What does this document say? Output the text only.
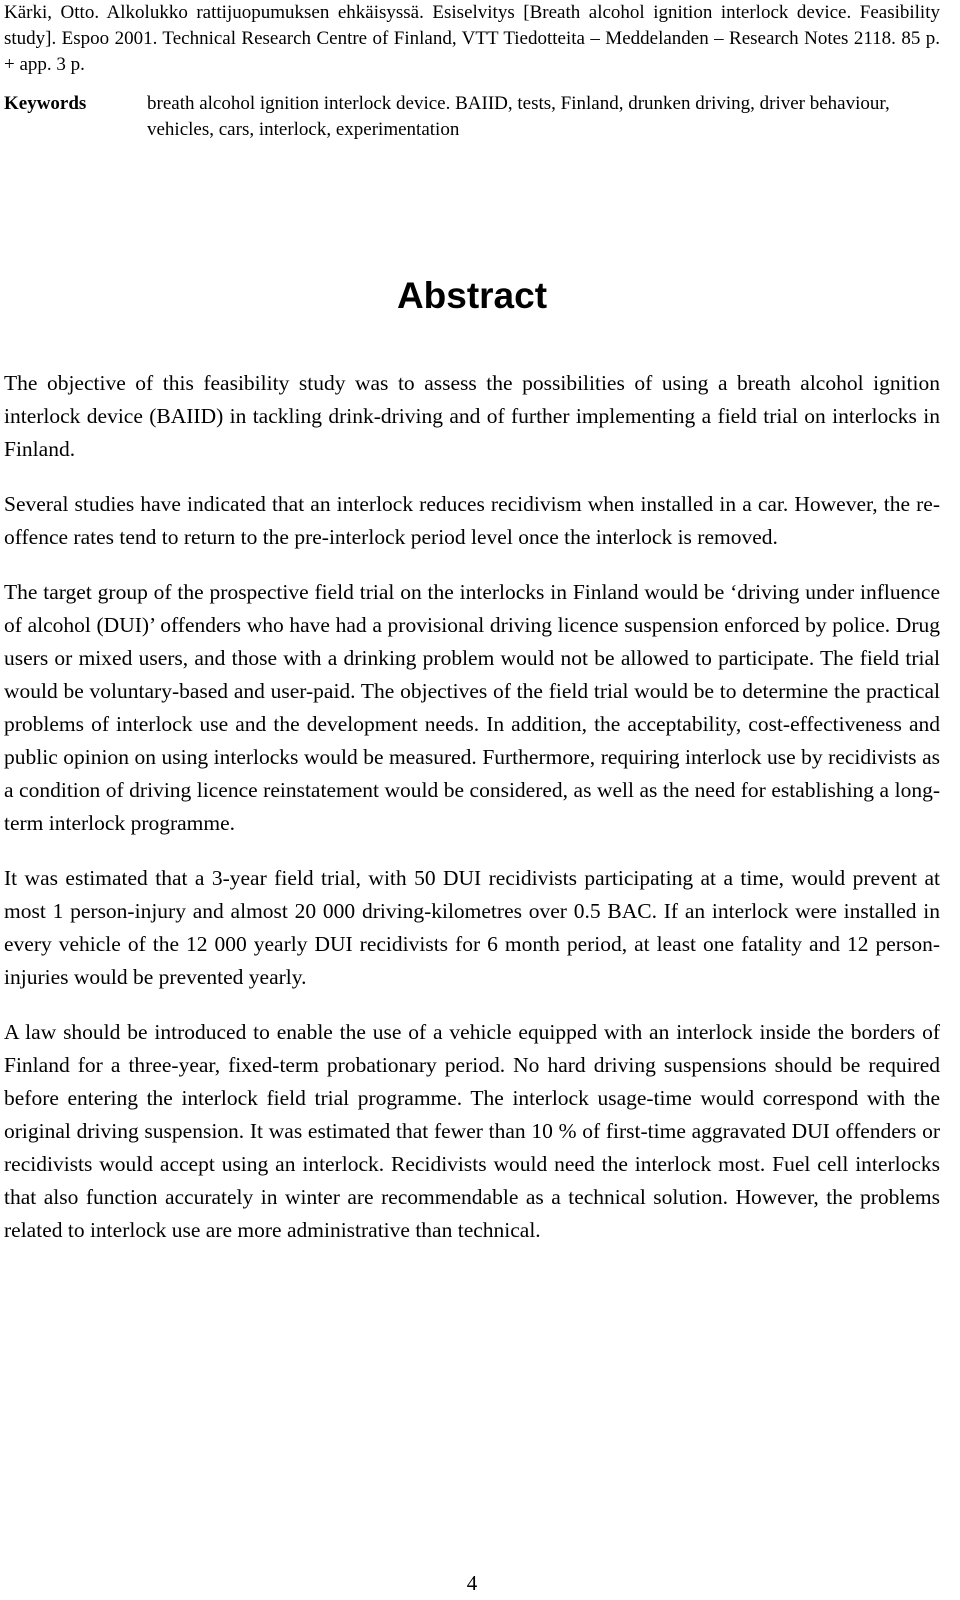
Kärki, Otto. Alkolukko rattijuopumuksen ehkäisyssä. Esiselvitys [Breath alcohol ignition interlock device. Feasibility study]. Espoo 2001. Technical Research Centre of Finland, VTT Tiedotteita – Meddelanden – Research Notes 2118. 85 p. + app. 3 p.
Keywords	breath alcohol ignition interlock device. BAIID, tests, Finland, drunken driving, driver behaviour, vehicles, cars, interlock, experimentation
Abstract

The objective of this feasibility study was to assess the possibilities of using a breath alcohol ignition interlock device (BAIID) in tackling drink-driving and of further implementing a field trial on interlocks in Finland.

Several studies have indicated that an interlock reduces recidivism when installed in a car. However, the re-offence rates tend to return to the pre-interlock period level once the interlock is removed.

The target group of the prospective field trial on the interlocks in Finland would be ‘driving under influence of alcohol (DUI)’ offenders who have had a provisional driving licence suspension enforced by police. Drug users or mixed users, and those with a drinking problem would not be allowed to participate. The field trial would be voluntary-based and user-paid. The objectives of the field trial would be to determine the practical problems of interlock use and the development needs. In addition, the acceptability, cost-effectiveness and public opinion on using interlocks would be measured. Furthermore, requiring interlock use by recidivists as a condition of driving licence reinstatement would be considered, as well as the need for establishing a long-term interlock programme.

It was estimated that a 3-year field trial, with 50 DUI recidivists participating at a time, would prevent at most 1 person-injury and almost 20 000 driving-kilometres over 0.5 BAC. If an interlock were installed in every vehicle of the 12 000 yearly DUI recidivists for 6 month period, at least one fatality and 12 person-injuries would be prevented yearly.

A law should be introduced to enable the use of a vehicle equipped with an interlock inside the borders of Finland for a three-year, fixed-term probationary period. No hard driving suspensions should be required before entering the interlock field trial programme. The interlock usage-time would correspond with the original driving suspension. It was estimated that fewer than 10 % of first-time aggravated DUI offenders or recidivists would accept using an interlock. Recidivists would need the interlock most. Fuel cell interlocks that also function accurately in winter are recommendable as a technical solution. However, the problems related to interlock use are more administrative than technical.

4
